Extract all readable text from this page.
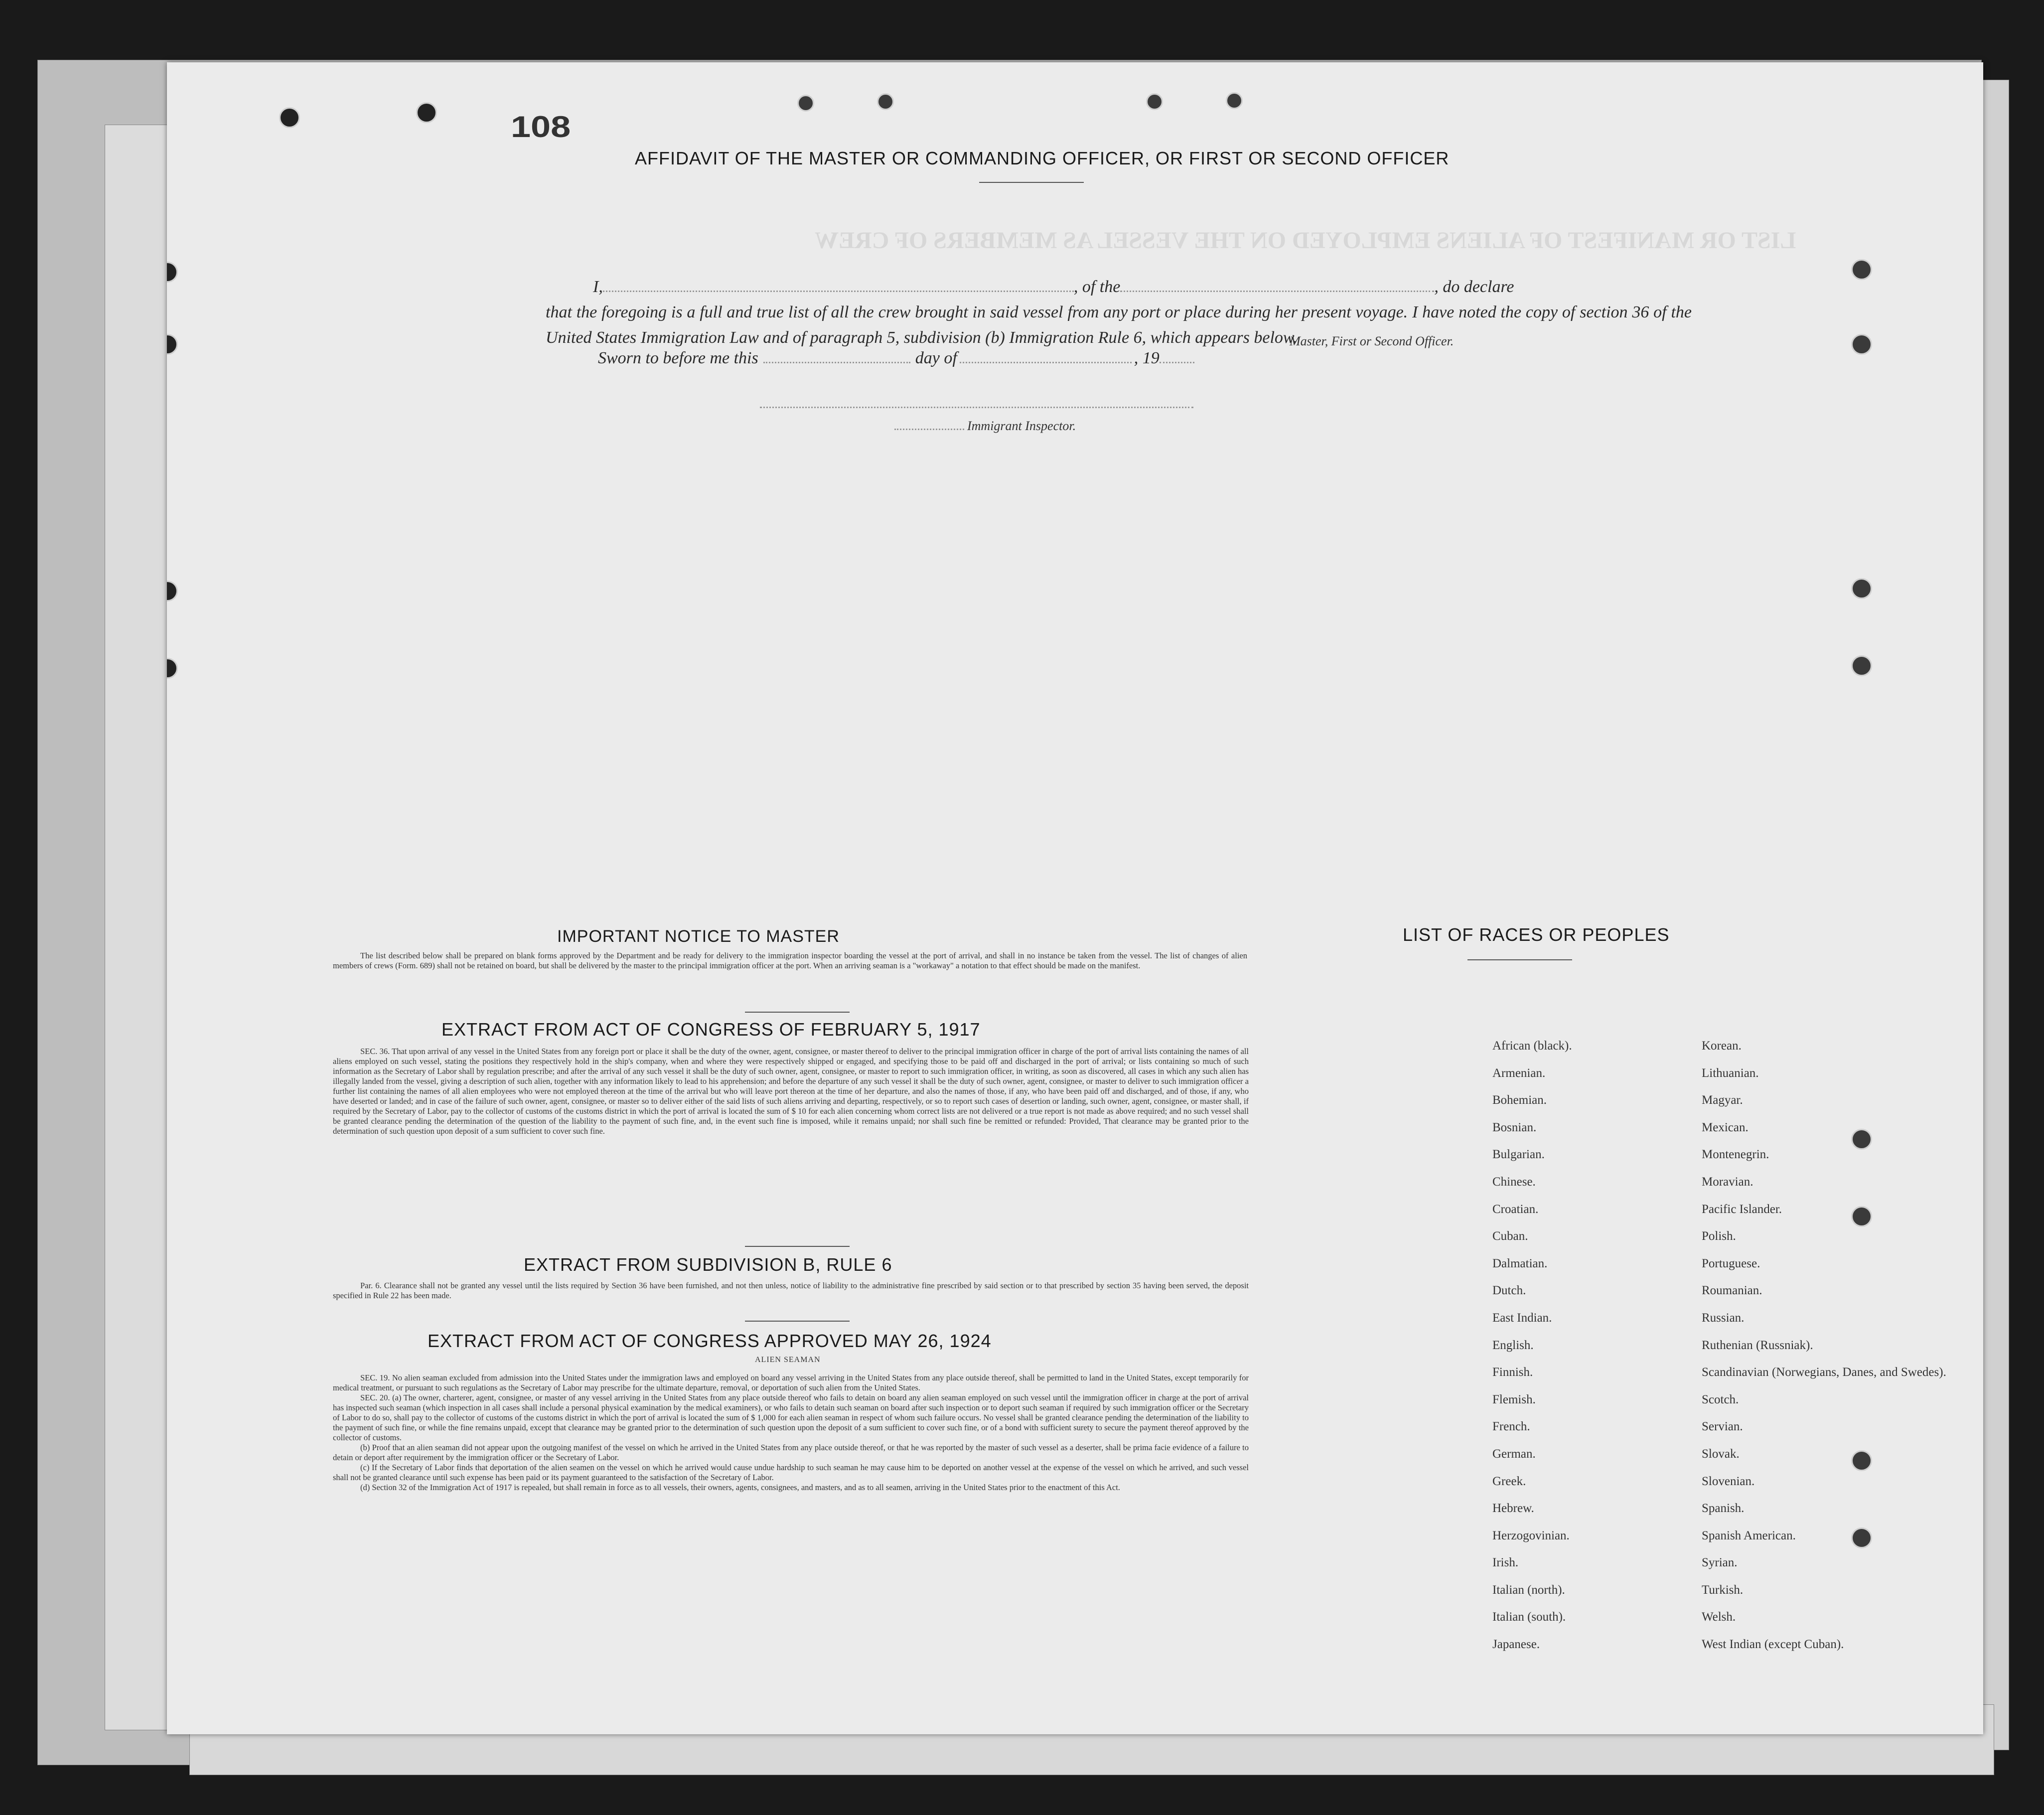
108
LIST OR MANIFEST OF ALIENS EMPLOYED ON THE VESSEL AS MEMBERS OF CREW
AFFIDAVIT OF THE MASTER OR COMMANDING OFFICER, OR FIRST OR SECOND OFFICER
I,	, of the	, do declare
that the foregoing is a full and true list of all the crew brought in said vessel from any port or place during her present voyage. I have noted the copy of section 36 of the United States Immigration Law and of paragraph 5, subdivision (b) Immigration Rule 6, which appears below.
Master, First or Second Officer.
Sworn to before me this	day of	, 19
Immigrant Inspector.
IMPORTANT NOTICE TO MASTER
The list described below shall be prepared on blank forms approved by the Department and be ready for delivery to the immigration inspector boarding the vessel at the port of arrival, and shall in no instance be taken from the vessel. The list of changes of alien members of crews (Form. 689) shall not be retained on board, but shall be delivered by the master to the principal immigration officer at the port. When an arriving seaman is a "workaway" a notation to that effect should be made on the manifest.
EXTRACT FROM ACT OF CONGRESS OF FEBRUARY 5, 1917
SEC. 36. That upon arrival of any vessel in the United States from any foreign port or place it shall be the duty of the owner, agent, consignee, or master thereof to deliver to the principal immigration officer in charge of the port of arrival lists containing the names of all aliens employed on such vessel, stating the positions they respectively hold in the ship's company, when and where they were respectively shipped or engaged, and specifying those to be paid off and discharged in the port of arrival; or lists containing so much of such information as the Secretary of Labor shall by regulation prescribe; and after the arrival of any such vessel it shall be the duty of such owner, agent, consignee, or master to report to such immigration officer, in writing, as soon as discovered, all cases in which any such alien has illegally landed from the vessel, giving a description of such alien, together with any information likely to lead to his apprehension; and before the departure of any such vessel it shall be the duty of such owner, agent, consignee, or master to deliver to such immigration officer a further list containing the names of all alien employees who were not employed thereon at the time of the arrival but who will leave port thereon at the time of her departure, and also the names of those, if any, who have been paid off and discharged, and of those, if any, who have deserted or landed; and in case of the failure of such owner, agent, consignee, or master so to deliver either of the said lists of such aliens arriving and departing, respectively, or so to report such cases of desertion or landing, such owner, agent, consignee, or master shall, if required by the Secretary of Labor, pay to the collector of customs of the customs district in which the port of arrival is located the sum of $ 10 for each alien concerning whom correct lists are not delivered or a true report is not made as above required; and no such vessel shall be granted clearance pending the determination of the question of the liability to the payment of such fine, and, in the event such fine is imposed, while it remains unpaid; nor shall such fine be remitted or refunded: Provided, That clearance may be granted prior to the determination of such question upon deposit of a sum sufficient to cover such fine.
EXTRACT FROM SUBDIVISION B, RULE 6
Par. 6. Clearance shall not be granted any vessel until the lists required by Section 36 have been furnished, and not then unless, notice of liability to the administrative fine prescribed by said section or to that prescribed by section 35 having been served, the deposit specified in Rule 22 has been made.
EXTRACT FROM ACT OF CONGRESS APPROVED MAY 26, 1924
ALIEN SEAMAN
SEC. 19. No alien seaman excluded from admission into the United States under the immigration laws and employed on board any vessel arriving in the United States from any place outside thereof, shall be permitted to land in the United States, except temporarily for medical treatment, or pursuant to such regulations as the Secretary of Labor may prescribe for the ultimate departure, removal, or deportation of such alien from the United States.
SEC. 20. (a) The owner, charterer, agent, consignee, or master of any vessel arriving in the United States from any place outside thereof who fails to detain on board any alien seaman employed on such vessel until the immigration officer in charge at the port of arrival has inspected such seaman (which inspection in all cases shall include a personal physical examination by the medical examiners), or who fails to detain such seaman on board after such inspection or to deport such seaman if required by such immigration officer or the Secretary of Labor to do so, shall pay to the collector of customs of the customs district in which the port of arrival is located the sum of $ 1,000 for each alien seaman in respect of whom such failure occurs. No vessel shall be granted clearance pending the determination of the liability to the payment of such fine, or while the fine remains unpaid, except that clearance may be granted prior to the determination of such question upon the deposit of a sum sufficient to cover such fine, or of a bond with sufficient surety to secure the payment thereof approved by the collector of customs.
(b) Proof that an alien seaman did not appear upon the outgoing manifest of the vessel on which he arrived in the United States from any place outside thereof, or that he was reported by the master of such vessel as a deserter, shall be prima facie evidence of a failure to detain or deport after requirement by the immigration officer or the Secretary of Labor.
(c) If the Secretary of Labor finds that deportation of the alien seamen on the vessel on which he arrived would cause undue hardship to such seaman he may cause him to be deported on another vessel at the expense of the vessel on which he arrived, and such vessel shall not be granted clearance until such expense has been paid or its payment guaranteed to the satisfaction of the Secretary of Labor.
(d) Section 32 of the Immigration Act of 1917 is repealed, but shall remain in force as to all vessels, their owners, agents, consignees, and masters, and as to all seamen, arriving in the United States prior to the enactment of this Act.
LIST OF RACES OR PEOPLES
African (black).	Korean.
Armenian.	Lithuanian.
Bohemian.	Magyar.
Bosnian.	Mexican.
Bulgarian.	Montenegrin.
Chinese.	Moravian.
Croatian.	Pacific Islander.
Cuban.	Polish.
Dalmatian.	Portuguese.
Dutch.	Roumanian.
East Indian.	Russian.
English.	Ruthenian (Russniak).
Finnish.	Scandinavian (Norwegians, Danes, and Swedes).
Flemish.	Scotch.
French.	Servian.
German.	Slovak.
Greek.	Slovenian.
Hebrew.	Spanish.
Herzogovinian.	Spanish American.
Irish.	Syrian.
Italian (north).	Turkish.
Italian (south).	Welsh.
Japanese.	West Indian (except Cuban).
